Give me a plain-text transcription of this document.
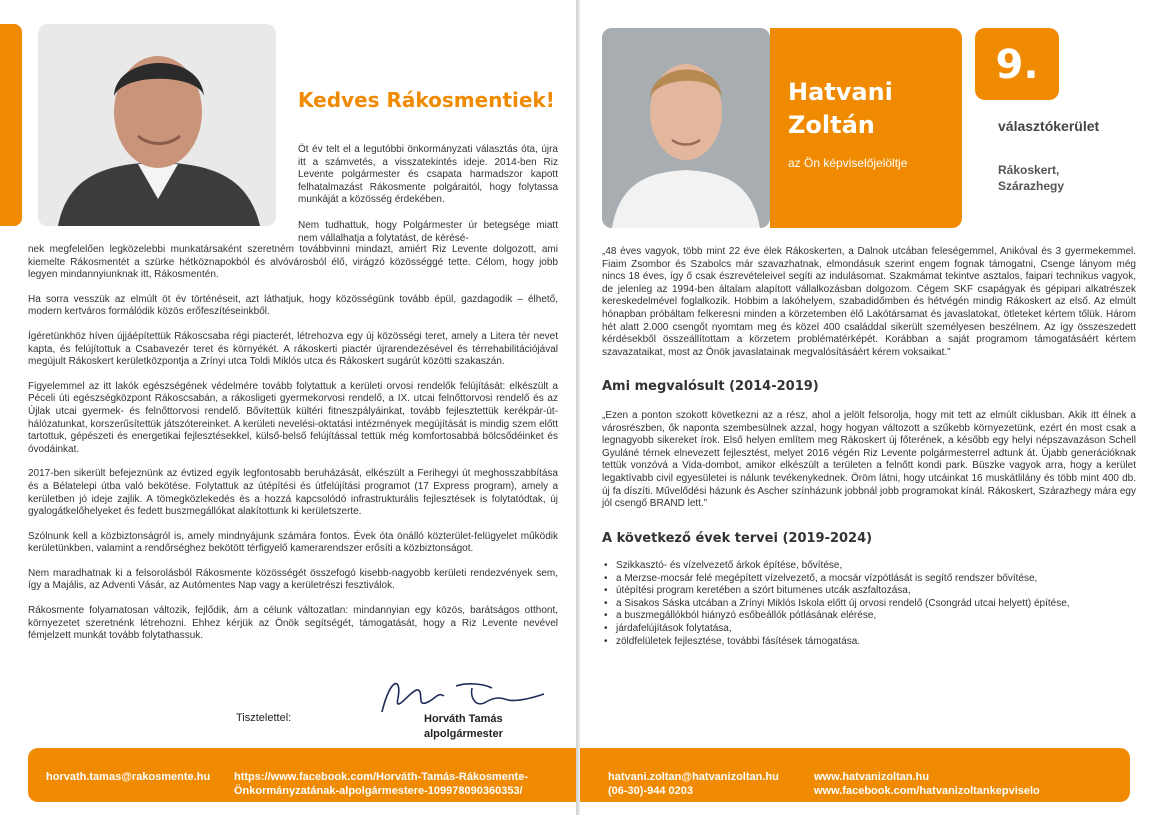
Kedves Rákosmentiek!
Öt év telt el a legutóbbi önkormányzati választás óta, újra itt a számvetés, a visszatekintés ideje. 2014-ben Riz Levente polgármester és csapata harmadszor kapott felhatalmazást Rákosmente polgáraitól, hogy folytassa munkáját a közösség érdekében.
Nem tudhattuk, hogy Polgármester úr betegsége miatt nem vállalhatja a folytatást, de kérésé-

nek megfelelően legközelebbi munkatársaként szeretném továbbvinni mindazt, amiért Riz Levente dolgozott, ami kiemelte Rákosmentét a szürke hétköznapokból és alvóvárosból élő, virágzó közösséggé tette. Célom, hogy jobb legyen mindannyiunknak itt, Rákosmentén.

Ha sorra vesszük az elmúlt öt év történéseit, azt láthatjuk, hogy közösségünk tovább épül, gazdagodik – élhető, modern kertváros formálódik közös erőfeszítéseinkből.

Ígéretünkhöz híven újjáépítettük Rákoscsaba régi piacterét, létrehozva egy új közösségi teret, amely a Litera tér nevet kapta, és felújítottuk a Csabavezér teret és környékét. A rákoskerti piactér újrarendezésével és térrehabilitációjával megújult Rákoskert kerületközpontja a Zrínyi utca Toldi Miklós utca és Rákoskert sugárút közötti szakaszán.

Figyelemmel az itt lakók egészségének védelmére tovább folytattuk a kerületi orvosi rendelők felújítását: elkészült a Péceli úti egészségközpont Rákoscsabán, a rákosligeti gyermekorvosi rendelő, a IX. utcai felnőttorvosi rendelő és az Újlak utcai gyermek- és felnőttorvosi rendelő. Bővítettük kültéri fitneszpályáinkat, tovább fejlesztettük kerékpár-út-hálózatunkat, korszerűsítettük játszótereinket. A kerületi nevelési-oktatási intézmények megújítását is mindig szem előtt tartottuk, gépészeti és energetikai fejlesztésekkel, külső-belső felújítással tettük még komfortosabbá bölcsődéinket és óvodáinkat.

2017-ben sikerült befejeznünk az évtized egyik legfontosabb beruházását, elkészült a Ferihegyi út meghosszabbítása és a Bélatelepi útba való bekötése. Folytattuk az útépítési és útfelújítási programot (17 Express program), amely a kerületben jó ideje zajlik. A tömegközlekedés és a hozzá kapcsolódó infrastrukturális fejlesztések is folytatódtak, új gyalogátkelőhelyeket és fedett buszmegállókat alakítottunk ki kerületszerte.

Szólnunk kell a közbiztonságról is, amely mindnyájunk számára fontos. Évek óta önálló közterület-felügyelet működik kerületünkben, valamint a rendőrséghez bekötött térfigyelő kamerarendszer erősíti a közbiztonságot.

Nem maradhatnak ki a felsorolásból Rákosmente közösségét összefogó kisebb-nagyobb kerületi rendezvények sem, így a Majális, az Adventi Vásár, az Autómentes Nap vagy a kerületrészi fesztiválok.

Rákosmente folyamatosan változik, fejlődik, ám a célunk változatlan: mindannyian egy közös, barátságos otthont, környezetet szeretnénk létrehozni. Ehhez kérjük az Önök segítségét, támogatását, hogy a Riz Levente nevével fémjelzett munkát tovább folytathassuk.

Tisztelettel:	Horváth Tamás
alpolgármester
horvath.tamas@rakosmente.hu https://www.facebook.com/Horváth-Tamás-Rákosmente-
Önkormányzatának-alpolgármestere-109978090360353/
Hatvani
Zoltán
az Ön képviselőjelöltje
9.
választókerület
Rákoskert,
Szárazhegy
„48 éves vagyok, több mint 22 éve élek Rákoskerten, a Dalnok utcában feleségemmel, Anikóval és 3 gyermekemmel. Fiaim Zsombor és Szabolcs már szavazhatnak, elmondásuk szerint engem fognak támogatni, Csenge lányom még nincs 18 éves, így ő csak észrevételeivel segíti az indulásomat. Szakmámat tekintve asztalos, faipari technikus vagyok, de jelenleg az 1994-ben általam alapított vállalkozásban dolgozom. Cégem SKF csapágyak és gépipari alkatrészek kereskedelmével foglalkozik. Hobbim a lakóhelyem, szabadidőmben és hétvégén mindig Rákoskert az első. Az elmúlt hónapban próbáltam felkeresni minden a körzetemben élő Lakótársamat és javaslatokat, ötleteket kértem tőlük. Három hét alatt 2.000 csengőt nyomtam meg és közel 400 családdal sikerült személyesen beszélnem. Az így összeszedett kérdésekből összeállítottam a körzetem problématérképét. Korábban a saját programom támogatásáért kértem szavazataikat, most az Önök javaslatainak megvalósításáért kérem voksaikat.”
Ami megvalósult (2014-2019)
„Ezen a ponton szokott következni az a rész, ahol a jelölt felsorolja, hogy mit tett az elmúlt ciklusban. Akik itt élnek a városrészben, ők naponta szembesülnek azzal, hogy hogyan változott a szűkebb környezetünk, ezért én most csak a legnagyobb sikereket írok. Első helyen említem meg Rákoskert új főterének, a később egy helyi népszavazáson Schell Gyuláné térnek elnevezett fejlesztést, melyet 2016 végén Riz Levente polgármesterrel adtunk át. Újabb generációknak tettük vonzóvá a Vida-dombot, amikor elkészült a területen a felnőtt kondi park. Büszke vagyok arra, hogy a kerület legaktívabb civil egyesületei is nálunk tevékenykednek. Öröm látni, hogy utcáinkat 16 muskátlilány és több mint 400 db. új fa díszíti. Művelődési házunk és Ascher színházunk jobbnál jobb programokat kínál. Rákoskert, Szárazhegy mára egy jól csengő BRAND lett.”
A következő évek tervei (2019-2024)
• Szikkasztó- és vízelvezető árkok építése, bővítése,
• a Merzse-mocsár felé megépített vízelvezető, a mocsár vízpótlását is segítő rendszer bővítése,
• útépítési program keretében a szórt bitumenes utcák aszfaltozása,
• a Sisakos Sáska utcában a Zrínyi Miklós Iskola előtt új orvosi rendelő (Csongrád utcai helyett) építése,
• a buszmegállókból hiányzó esőbeállók pótlásának elérése,
• járdafelújítások folytatása,
• zöldfelületek fejlesztése, további fásítések támogatása.
hatvani.zoltan@hatvanizoltan.hu
(06-30)-944 0203
www.hatvanizoltan.hu
www.facebook.com/hatvanizoltankepviselo
